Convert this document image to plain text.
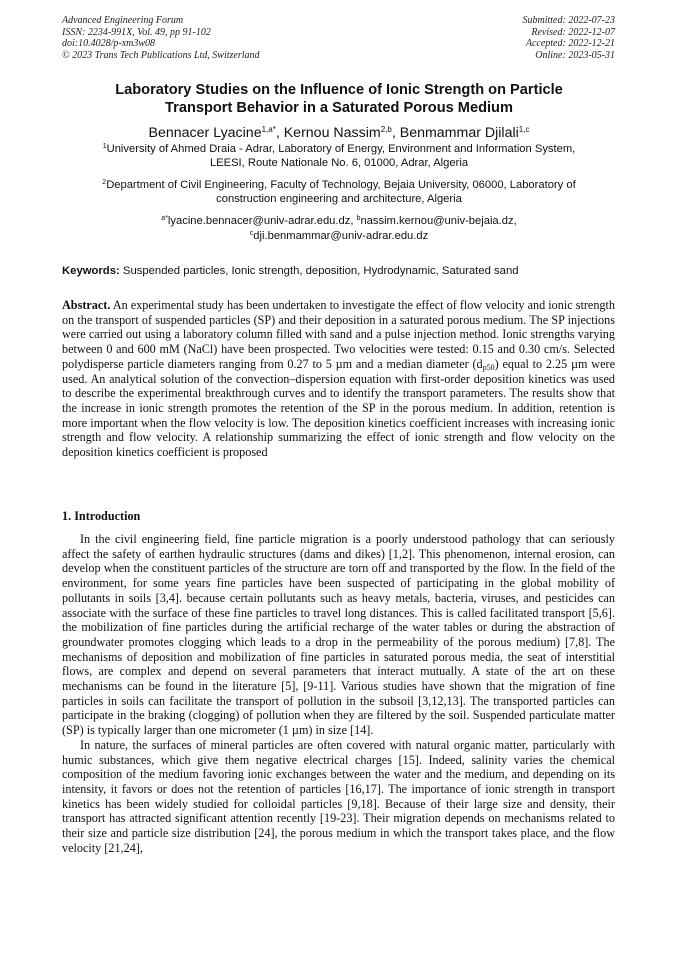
Advanced Engineering Forum
ISSN: 2234-991X, Vol. 49, pp 91-102
doi:10.4028/p-xm3w08
© 2023 Trans Tech Publications Ltd, Switzerland
Submitted: 2022-07-23
Revised: 2022-12-07
Accepted: 2022-12-21
Online: 2023-05-31
Laboratory Studies on the Influence of Ionic Strength on Particle
Transport Behavior in a Saturated Porous Medium
Bennacer Lyacine$^{1,a*}$, Kernou Nassim$^{2,b}$, Benmammar Djilali$^{1,c}$
$^1$University of Ahmed Draia - Adrar, Laboratory of Energy, Environment and Information System,
LEESI, Route Nationale No. 6, 01000, Adrar, Algeria
$^2$Department of Civil Engineering, Faculty of Technology, Bejaia University, 06000, Laboratory of
construction engineering and architecture, Algeria
$^{a*}$lyacine.bennacer@univ-adrar.edu.dz, $^b$nassim.kernou@univ-bejaia.dz,
$^c$dji.benmammar@univ-adrar.edu.dz
Keywords: Suspended particles, Ionic strength, deposition, Hydrodynamic, Saturated sand
Abstract. An experimental study has been undertaken to investigate the effect of flow velocity and ionic strength on the transport of suspended particles (SP) and their deposition in a saturated porous medium. The SP injections were carried out using a laboratory column filled with sand and a pulse injection method. Ionic strengths varying between 0 and 600 mM (NaCl) have been prospected. Two velocities were tested: 0.15 and 0.30 cm/s. Selected polydisperse particle diameters ranging from 0.27 to 5 µm and a median diameter $(d_{p50})$ equal to 2.25 µm were used. An analytical solution of the convection–dispersion equation with first-order deposition kinetics was used to describe the experimental breakthrough curves and to identify the transport parameters. The results show that the increase in ionic strength promotes the retention of the SP in the porous medium. In addition, retention is more important when the flow velocity is low. The deposition kinetics coefficient increases with increasing ionic strength and flow velocity. A relationship summarizing the effect of ionic strength and flow velocity on the deposition kinetics coefficient is proposed
1. Introduction

In the civil engineering field, fine particle migration is a poorly understood pathology that can seriously affect the safety of earthen hydraulic structures (dams and dikes) [1,2]. This phenomenon, internal erosion, can develop when the constituent particles of the structure are torn off and transported by the flow. In the field of the environment, for some years fine particles have been suspected of participating in the global mobility of pollutants in soils [3,4]. because certain pollutants such as heavy metals, bacteria, viruses, and pesticides can associate with the surface of these fine particles to travel long distances. This is called facilitated transport [5,6]. the mobilization of fine particles during the artificial recharge of the water tables or during the abstraction of groundwater promotes clogging which leads to a drop in the permeability of the porous medium) [7,8]. The mechanisms of deposition and mobilization of fine particles in saturated porous media, the seat of interstitial flows, are complex and depend on several parameters that interact mutually. A state of the art on these mechanisms can be found in the literature [5], [9-11]. Various studies have shown that the migration of fine particles in soils can facilitate the transport of pollution in the subsoil [3,12,13]. The transported particles can participate in the braking (clogging) of pollution when they are filtered by the soil. Suspended particulate matter (SP) is typically larger than one micrometer (1 µm) in size [14].

In nature, the surfaces of mineral particles are often covered with natural organic matter, particularly with humic substances, which give them negative electrical charges [15]. Indeed, salinity varies the chemical composition of the medium favoring ionic exchanges between the water and the medium, and depending on its intensity, it favors or does not the retention of particles [16,17]. The importance of ionic strength in transport kinetics has been widely studied for colloidal particles [9,18]. Because of their large size and density, their transport has attracted significant attention recently [19-23]. Their migration depends on mechanisms related to their size and particle size distribution [24], the porous medium in which the transport takes place, and the flow velocity [21,24],
